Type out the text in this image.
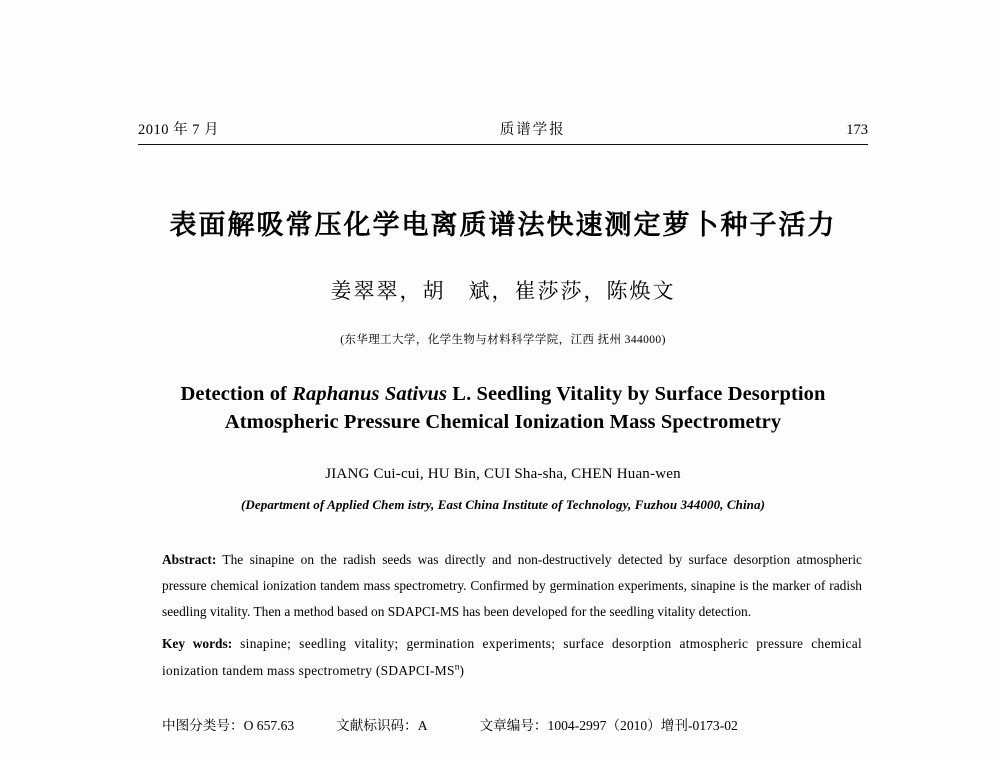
2010 年 7 月	质谱学报	173
表面解吸常压化学电离质谱法快速测定萝卜种子活力
姜翠翠，胡　斌，崔莎莎，陈焕文
(东华理工大学，化学生物与材料科学学院，江西 抚州 344000)
Detection of Raphanus Sativus L. Seedling Vitality by Surface Desorption
Atmospheric Pressure Chemical Ionization Mass Spectrometry
JIANG Cui-cui, HU Bin, CUI Sha-sha, CHEN Huan-wen
(Department of Applied Chem istry, East China Institute of Technology, Fuzhou 344000, China)
Abstract: The sinapine on the radish seeds was directly and non-destructively detected by surface desorption atmospheric pressure chemical ionization tandem mass spectrometry. Confirmed by germination experiments, sinapine is the marker of radish seedling vitality. Then a method based on SDAPCI-MS has been developed for the seedling vitality detection.
Key words: sinapine; seedling vitality; germination experiments; surface desorption atmospheric pressure chemical ionization tandem mass spectrometry $(SDAPCI-MS^n)$
中图分类号：O 657.63	文献标识码：A	文章编号：1004-2997（2010）增刊-0173-02
